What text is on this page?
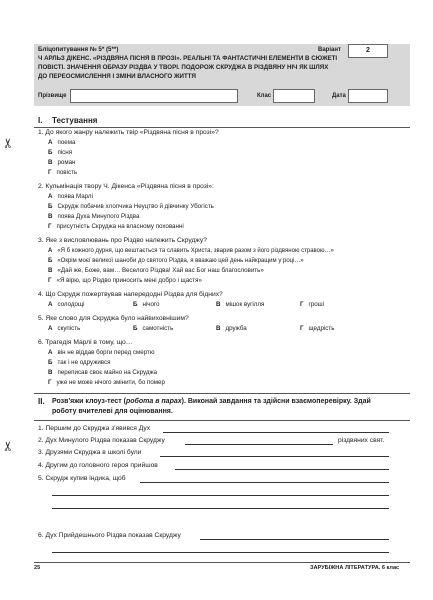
Бліцопитування № 5* (5**)
Ч АРЛЬЗ ДІКЕНС. «РІЗДВЯНА ПІСНЯ В ПРОЗІ». РЕАЛЬНІ ТА ФАНТАСТИЧНІ ЕЛЕМЕНТИ В СЮЖЕТІ
ПОВІСТІ. ЗНАЧЕННЯ ОБРАЗУ РІЗДВА У ТВОРІ. ПОДОРОЖ СКРУДЖА В РІЗДВЯНУ НІЧ ЯК ШЛЯХ
ДО ПЕРЕОСМИСЛЕННЯ І ЗМІНИ ВЛАСНОГО ЖИТТЯ
Варіант	2
Прізвище	Клас	Дата
I. Тестування
✂
1. До якого жанру належить твір «Різдвяна пісня в прозі»?
А поема
Б пісня
В роман
Г повість
2. Кульмінація твору Ч. Дікенса «Різдвяна пісня в прозі»:
А поява Марлі
Б Скрудж побачив хлопчика Неуцтво й дівчинку Убогість
В поява Духа Минулого Різдва
Г присутність Скруджа на власному похованні
3. Яке з висловлювань про Різдво належить Скруджу?
А «Я б кожного дурня, що вештається та славить Христа, зварив разом з його різдвяною стравою…»
Б «Окрім моєї великої шаноби до святого Різдва, я вважаю цей день найкращим у році…»
В «Дай же, Боже, вам… Веселого Різдва! Хай вас Бог наш благословить»
Г «Я вірю, що Різдво приносить мені добро і щастя»
4. Що Скрудж пожертвував напередодні Різдва для бідних?
А солодощі	Б нічого	В мішок вугілля	Г гроші
5. Яке слово для Скруджа було найвиховнішим?
А скупість	Б самотність	В дружба	Г щедрість
6. Трагедія Марлі в тому, що…
А він не віддав борги перед смертю
Б так і не одружився
В переписав своє майно на Скруджа
Г уже не може нічого змінити, бо помер
II. Розв'яжи клоуз-тест (робота в парах). Виконай завдання та здійсни взаємоперевірку. Здай
роботу вчителеві для оцінювання.
✂
1. Першим до Скруджа з'явився Дух
2. Дух Минулого Різдва показав Скруджу	різдвяних свят.
3. Друзями Скруджа в школі були
4. Другим до головного героя прийшов
5. Скрудж купив індика, щоб
6. Дух Прийдешнього Різдва показав Скруджу
25	ЗАРУБІЖНА ЛІТЕРАТУРА. 6 клас
